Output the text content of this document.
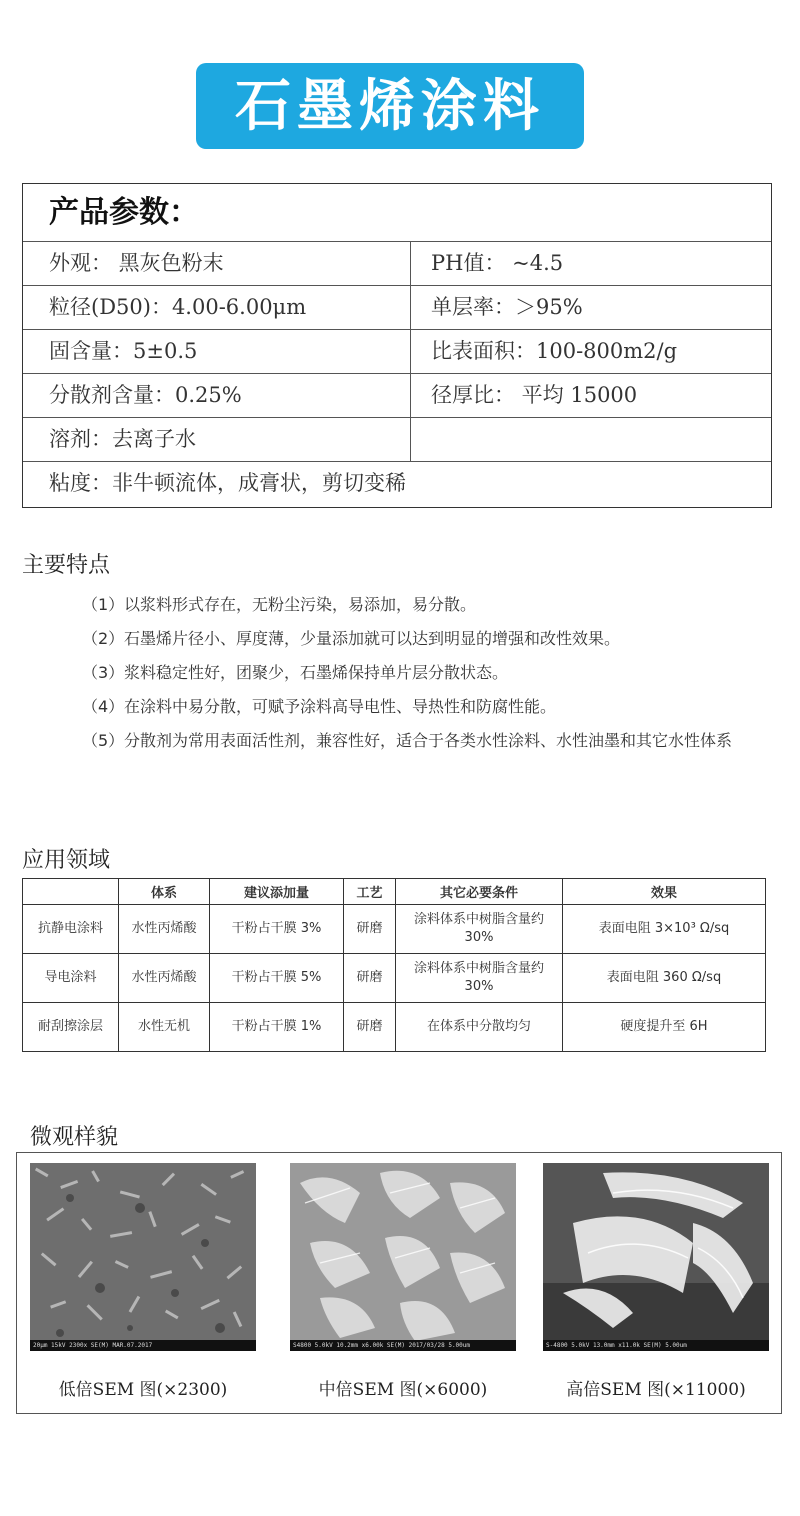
石墨烯涂料
产品参数：
外观： 黑灰色粉末	PH值： ~4.5
粒径(D50)：4.00-6.00μm	单层率：＞95%
固含量：5±0.5	比表面积：100-800m2/g
分散剂含量：0.25%	径厚比： 平均 15000
溶剂：去离子水
粘度：非牛顿流体，成膏状，剪切变稀
主要特点
（1） 以浆料形式存在，无粉尘污染，易添加，易分散。
（2） 石墨烯片径小、厚度薄，少量添加就可以达到明显的增强和改性效果。
（3） 浆料稳定性好，团聚少，石墨烯保持单片层分散状态。
（4） 在涂料中易分散，可赋予涂料高导电性、导热性和防腐性能。
（5） 分散剂为常用表面活性剂，兼容性好，适合于各类水性涂料、水性油墨和其它水性体系
应用领域
	体系	建议添加量	工艺	其它必要条件	效果
抗静电涂料	水性丙烯酸	干粉占干膜 3%	研磨	涂料体系中树脂含量约 30%	表面电阻 3×10³ Ω/sq
导电涂料	水性丙烯酸	干粉占干膜 5%	研磨	涂料体系中树脂含量约 30%	表面电阻 360 Ω/sq
耐刮擦涂层	水性无机	干粉占干膜 1%	研磨	在体系中分散均匀	硬度提升至 6H
微观样貌
20μm 15kV 2300x SE(M) MAR.07.2017	S4800 5.0kV 10.2mm x6.00k SE(M) 2017/03/28 5.00um	S-4800 5.0kV 13.0mm x11.0k SE(M) 5.00um
低倍SEM 图(×2300)	中倍SEM 图(×6000)	高倍SEM 图(×11000)
